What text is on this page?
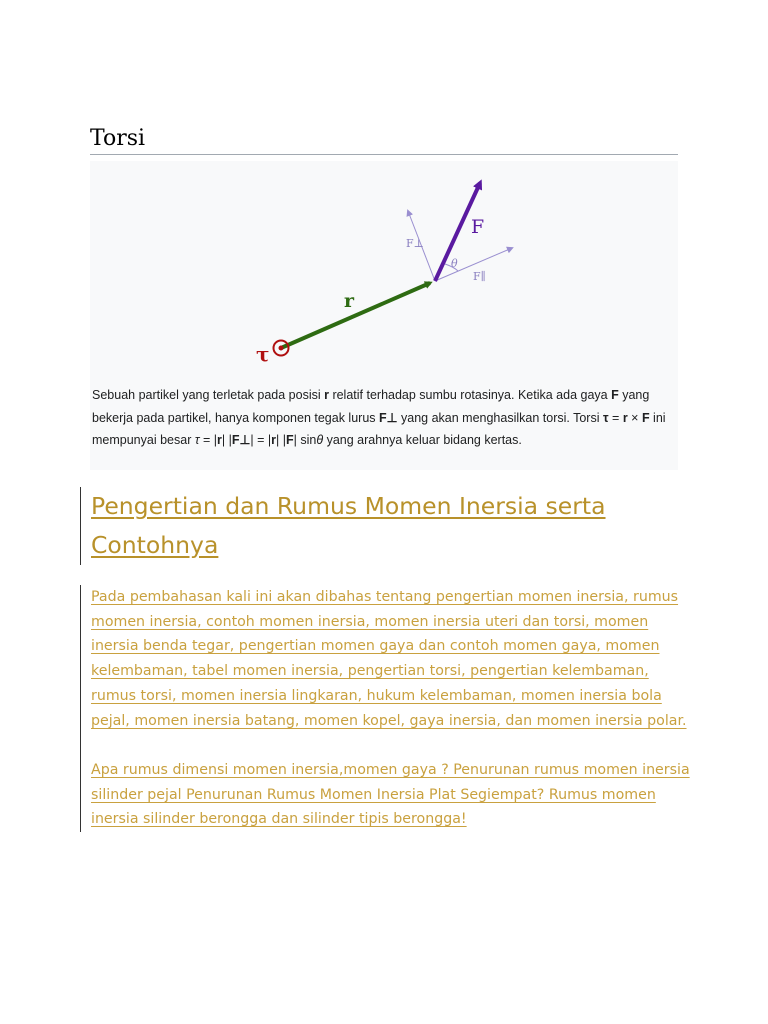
Torsi
τ
r
F
F⊥
F∥
θ
Sebuah partikel yang terletak pada posisi r relatif terhadap sumbu rotasinya. Ketika ada gaya F yang bekerja pada partikel, hanya komponen tegak lurus F⊥ yang akan menghasilkan torsi. Torsi τ = r × F ini mempunyai besar τ = |r| |F⊥| = |r| |F| sinθ yang arahnya keluar bidang kertas.
Pengertian dan Rumus Momen Inersia serta Contohnya

Pada pembahasan kali ini akan dibahas tentang pengertian momen inersia, rumus momen inersia, contoh momen inersia, momen inersia uteri dan torsi, momen inersia benda tegar, pengertian momen gaya dan contoh momen gaya, momen kelembaman, tabel momen inersia, pengertian torsi, pengertian kelembaman, rumus torsi, momen inersia lingkaran, hukum kelembaman, momen inersia bola pejal, momen inersia batang, momen kopel, gaya inersia, dan momen inersia polar.

Apa rumus dimensi momen inersia,momen gaya ? Penurunan rumus momen inersia silinder pejal Penurunan Rumus Momen Inersia Plat Segiempat? Rumus momen inersia silinder berongga dan silinder tipis berongga!
